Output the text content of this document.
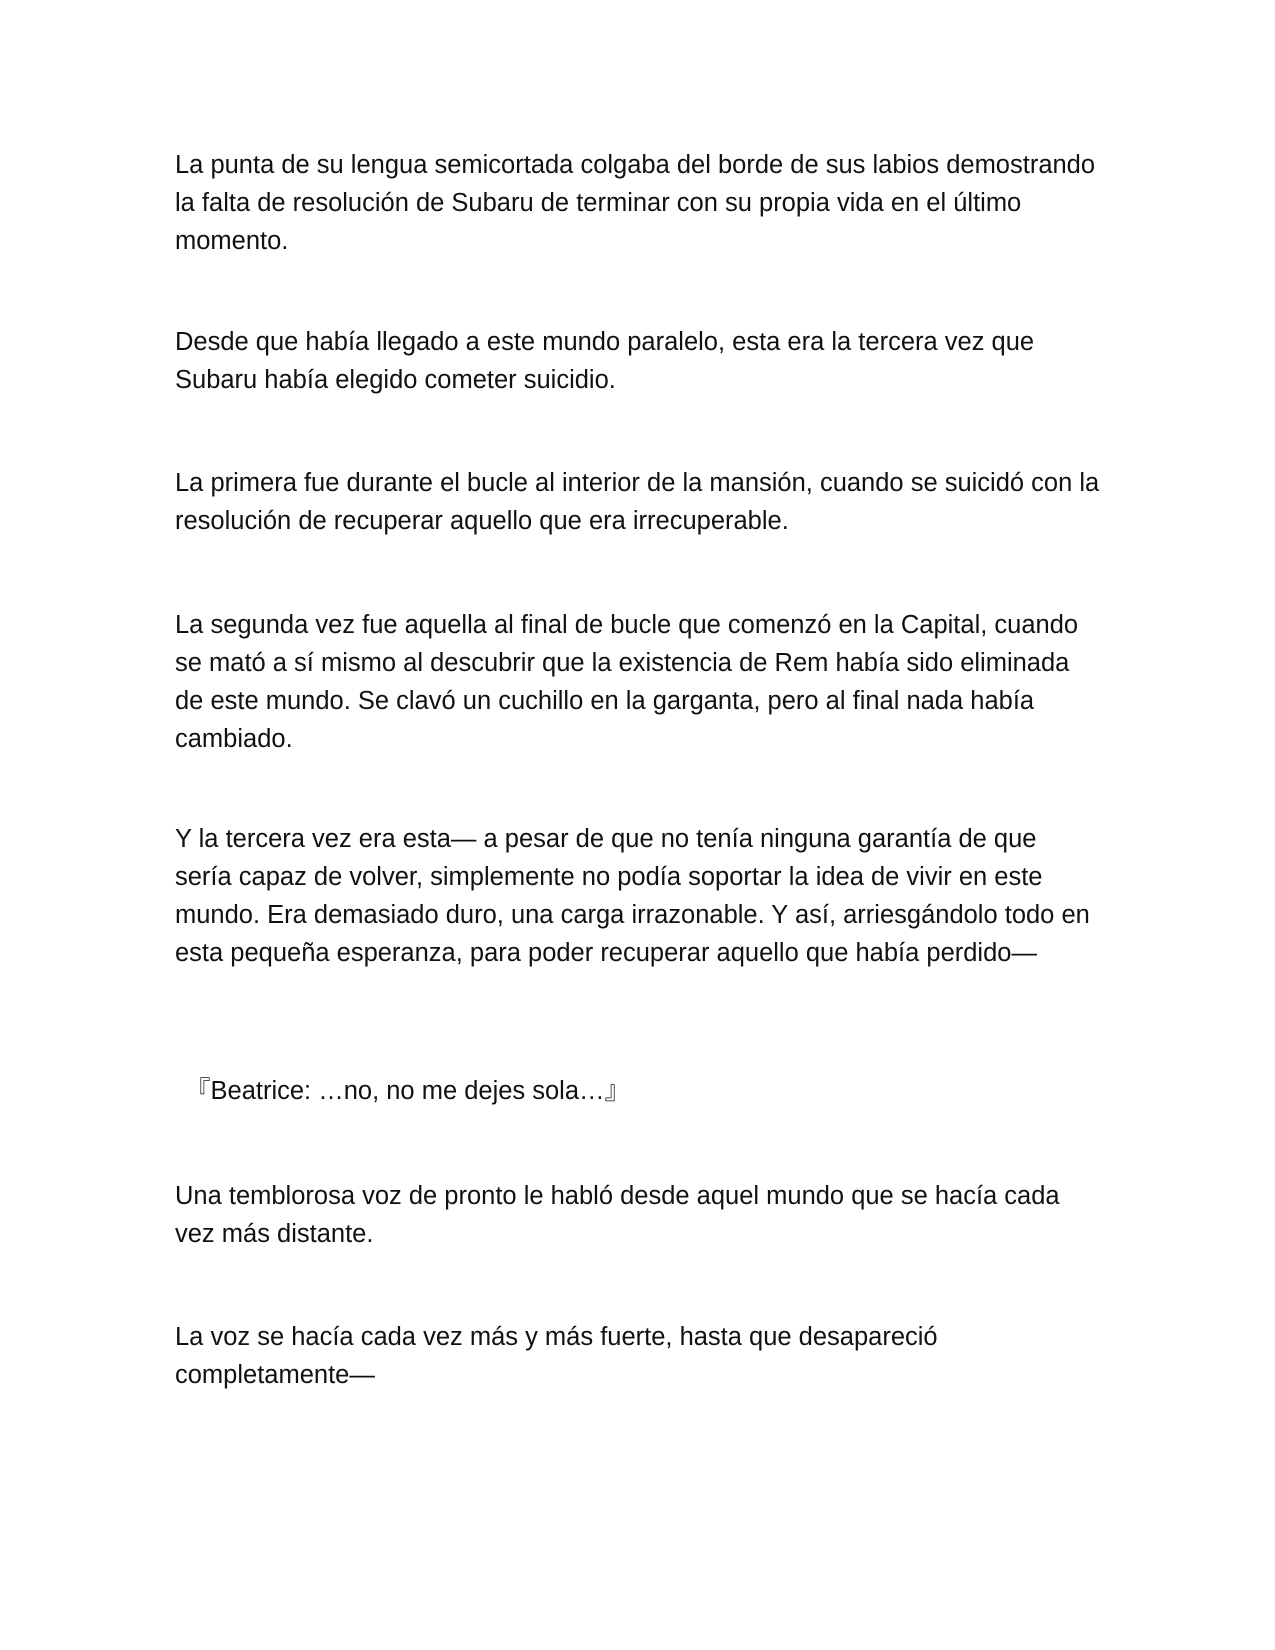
La punta de su lengua semicortada colgaba del borde de sus labios demostrando la falta de resolución de Subaru de terminar con su propia vida en el último momento.

Desde que había llegado a este mundo paralelo, esta era la tercera vez que Subaru había elegido cometer suicidio.

La primera fue durante el bucle al interior de la mansión, cuando se suicidó con la resolución de recuperar aquello que era irrecuperable.

La segunda vez fue aquella al final de bucle que comenzó en la Capital, cuando se mató a sí mismo al descubrir que la existencia de Rem había sido eliminada de este mundo. Se clavó un cuchillo en la garganta, pero al final nada había cambiado.

Y la tercera vez era esta— a pesar de que no tenía ninguna garantía de que sería capaz de volver, simplemente no podía soportar la idea de vivir en este mundo. Era demasiado duro, una carga irrazonable. Y así, arriesgándolo todo en esta pequeña esperanza, para poder recuperar aquello que había perdido—

『Beatrice: …no, no me dejes sola…』

Una temblorosa voz de pronto le habló desde aquel mundo que se hacía cada vez más distante.

La voz se hacía cada vez más y más fuerte, hasta que desapareció completamente—
